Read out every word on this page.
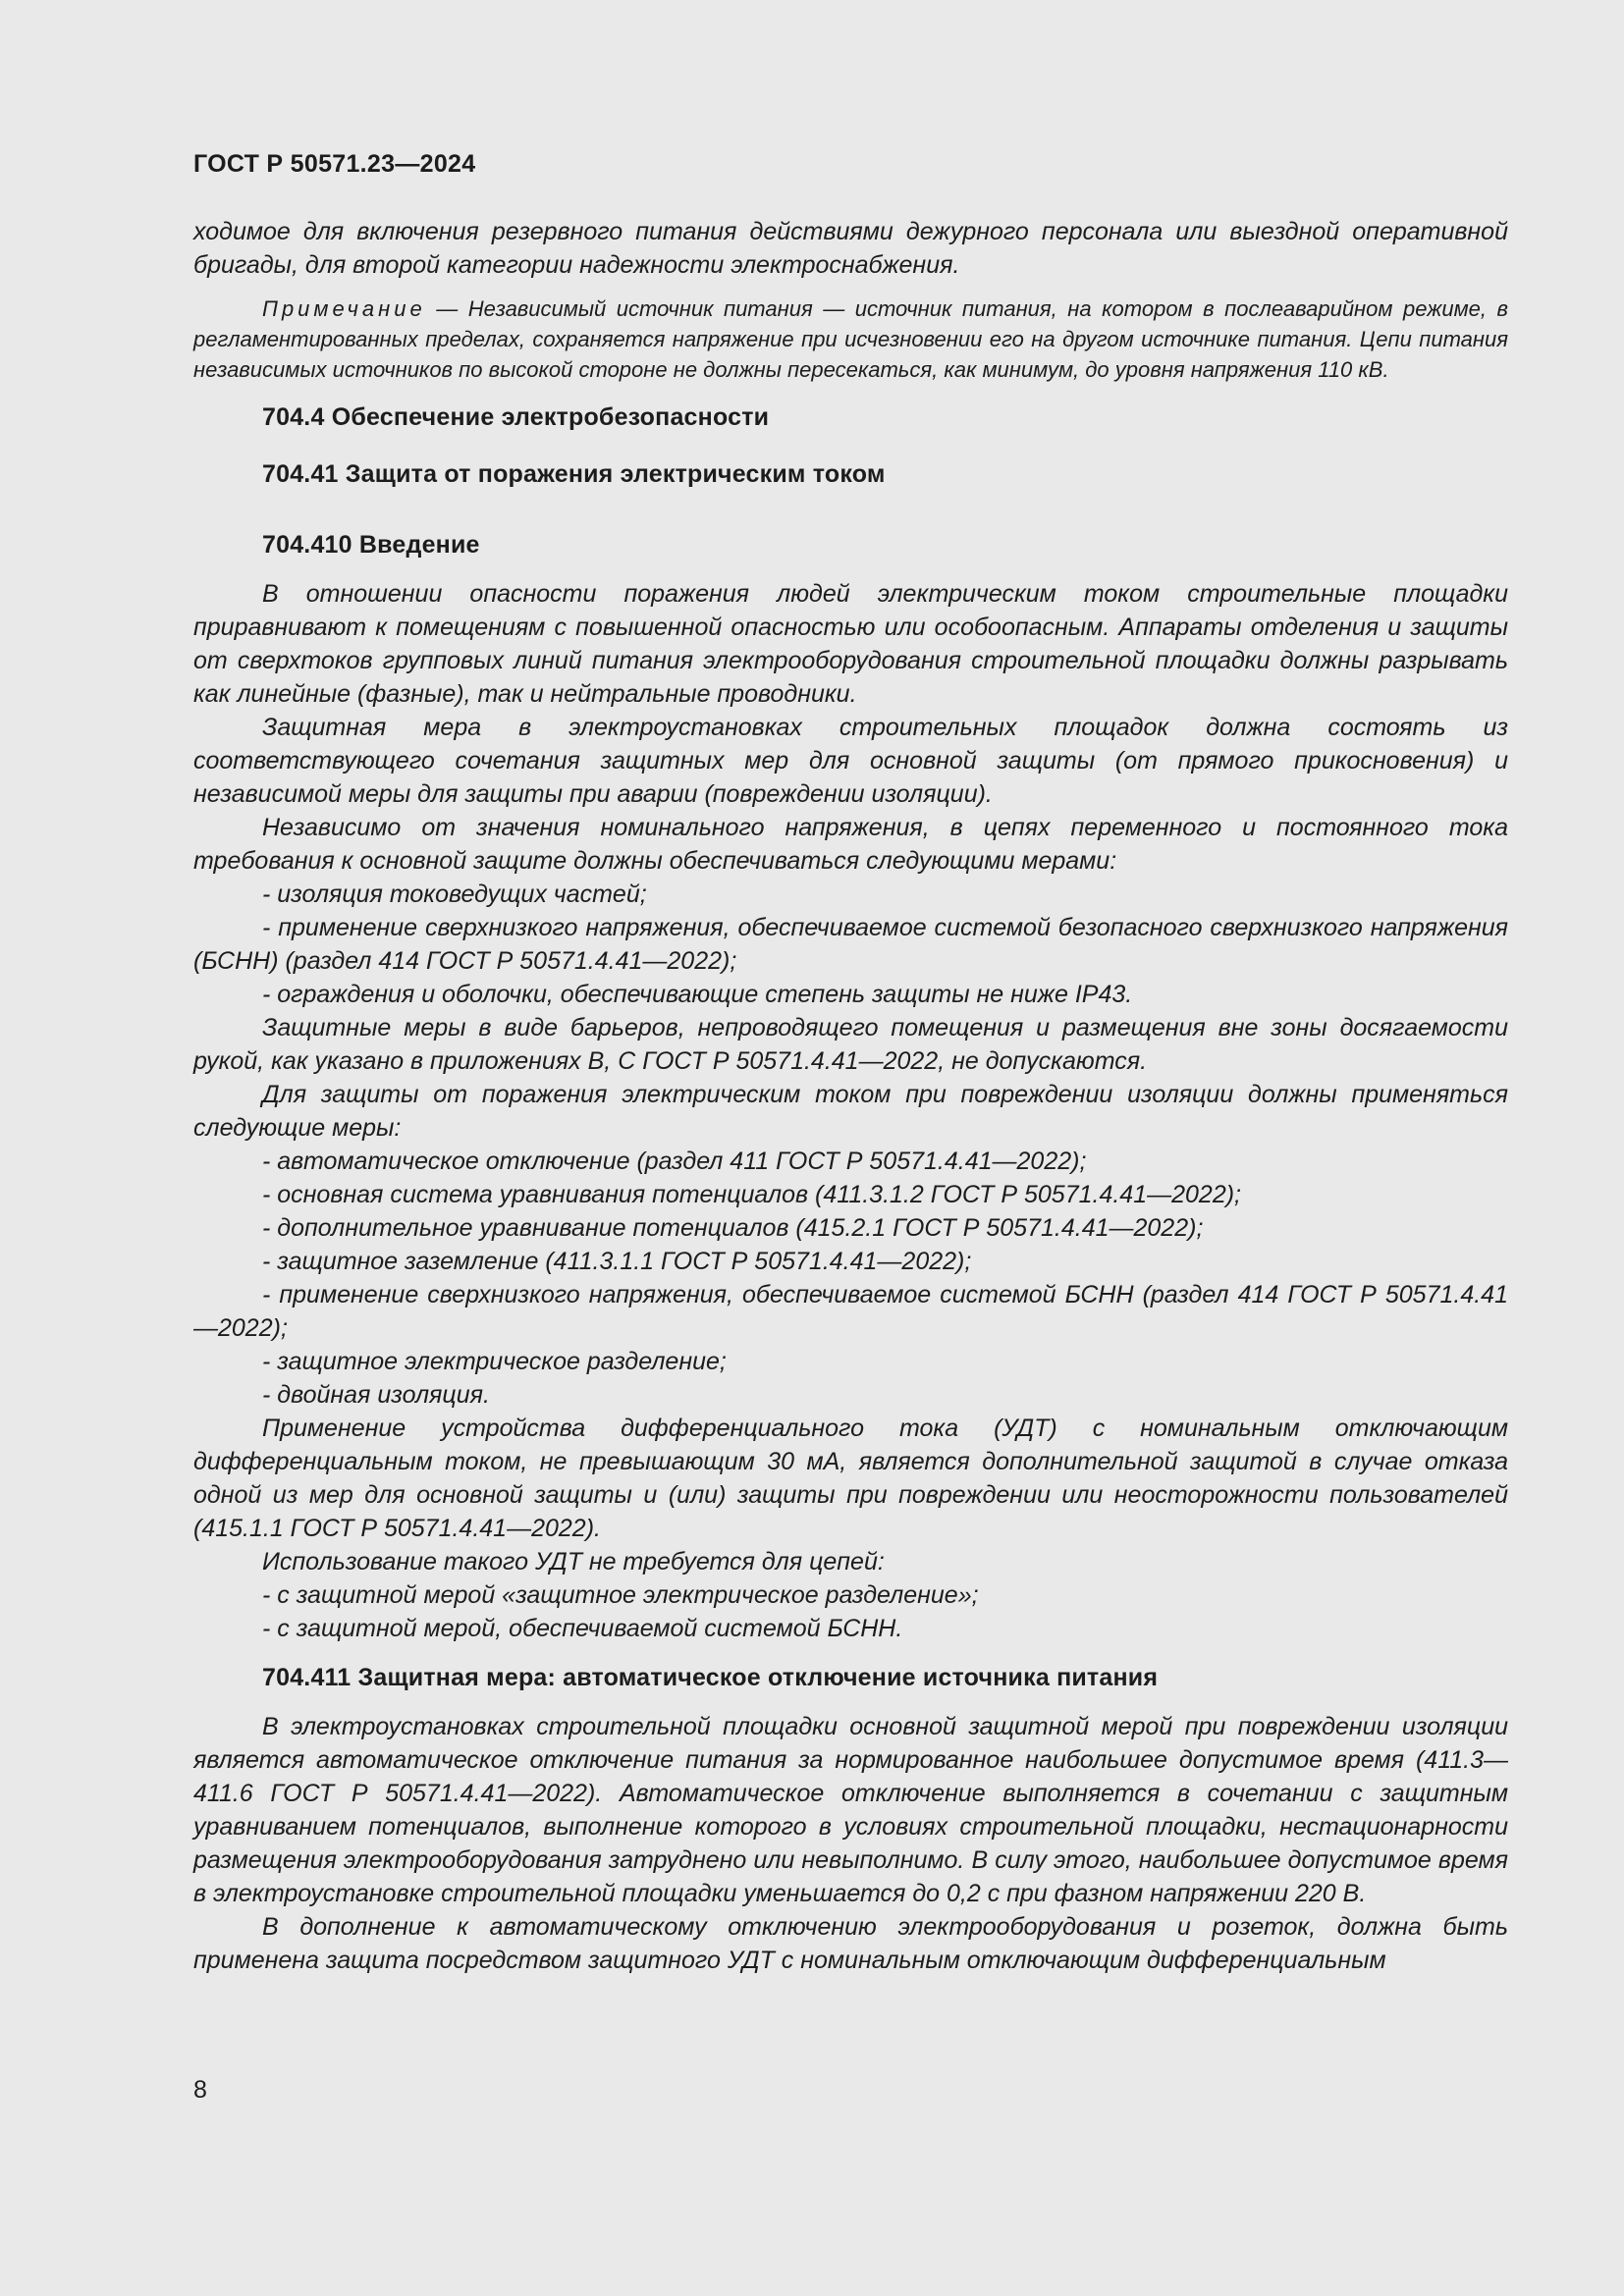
ГОСТ Р 50571.23—2024

ходимое для включения резервного питания действиями дежурного персонала или выездной оперативной бригады, для второй категории надежности электроснабжения.

Примечание — Независимый источник питания — источник питания, на котором в послеаварийном режиме, в регламентированных пределах, сохраняется напряжение при исчезновении его на другом источнике питания. Цепи питания независимых источников по высокой стороне не должны пересекаться, как минимум, до уровня напряжения 110 кВ.
704.4 Обеспечение электробезопасности
704.41 Защита от поражения электрическим током
704.410 Введение

В отношении опасности поражения людей электрическим током строительные площадки приравнивают к помещениям с повышенной опасностью или особоопасным. Аппараты отделения и защиты от сверхтоков групповых линий питания электрооборудования строительной площадки должны разрывать как линейные (фазные), так и нейтральные проводники.

Защитная мера в электроустановках строительных площадок должна состоять из соответствующего сочетания защитных мер для основной защиты (от прямого прикосновения) и независимой меры для защиты при аварии (повреждении изоляции).

Независимо от значения номинального напряжения, в цепях переменного и постоянного тока требования к основной защите должны обеспечиваться следующими мерами:

- изоляция токоведущих частей;

- применение сверхнизкого напряжения, обеспечиваемое системой безопасного сверхнизкого напряжения (БСНН) (раздел 414 ГОСТ Р 50571.4.41—2022);

- ограждения и оболочки, обеспечивающие степень защиты не ниже IP43.

Защитные меры в виде барьеров, непроводящего помещения и размещения вне зоны досягаемости рукой, как указано в приложениях В, С ГОСТ Р 50571.4.41—2022, не допускаются.

Для защиты от поражения электрическим током при повреждении изоляции должны применяться следующие меры:

- автоматическое отключение (раздел 411 ГОСТ Р 50571.4.41—2022);

- основная система уравнивания потенциалов (411.3.1.2 ГОСТ Р 50571.4.41—2022);

- дополнительное уравнивание потенциалов (415.2.1 ГОСТ Р 50571.4.41—2022);

- защитное заземление (411.3.1.1 ГОСТ Р 50571.4.41—2022);

- применение сверхнизкого напряжения, обеспечиваемое системой БСНН (раздел 414 ГОСТ Р 50571.4.41—2022);

- защитное электрическое разделение;

- двойная изоляция.

Применение устройства дифференциального тока (УДТ) с номинальным отключающим дифференциальным током, не превышающим 30 мА, является дополнительной защитой в случае отказа одной из мер для основной защиты и (или) защиты при повреждении или неосторожности пользователей (415.1.1 ГОСТ Р 50571.4.41—2022).

Использование такого УДТ не требуется для цепей:

- с защитной мерой «защитное электрическое разделение»;

- с защитной мерой, обеспечиваемой системой БСНН.

704.411 Защитная мера: автоматическое отключение источника питания

В электроустановках строительной площадки основной защитной мерой при повреждении изоляции является автоматическое отключение питания за нормированное наибольшее допустимое время (411.3—411.6 ГОСТ Р 50571.4.41—2022). Автоматическое отключение выполняется в сочетании с защитным уравниванием потенциалов, выполнение которого в условиях строительной площадки, нестационарности размещения электрооборудования затруднено или невыполнимо. В силу этого, наибольшее допустимое время в электроустановке строительной площадки уменьшается до 0,2 с при фазном напряжении 220 В.

В дополнение к автоматическому отключению электрооборудования и розеток, должна быть применена защита посредством защитного УДТ с номинальным отключающим дифференциальным

8
